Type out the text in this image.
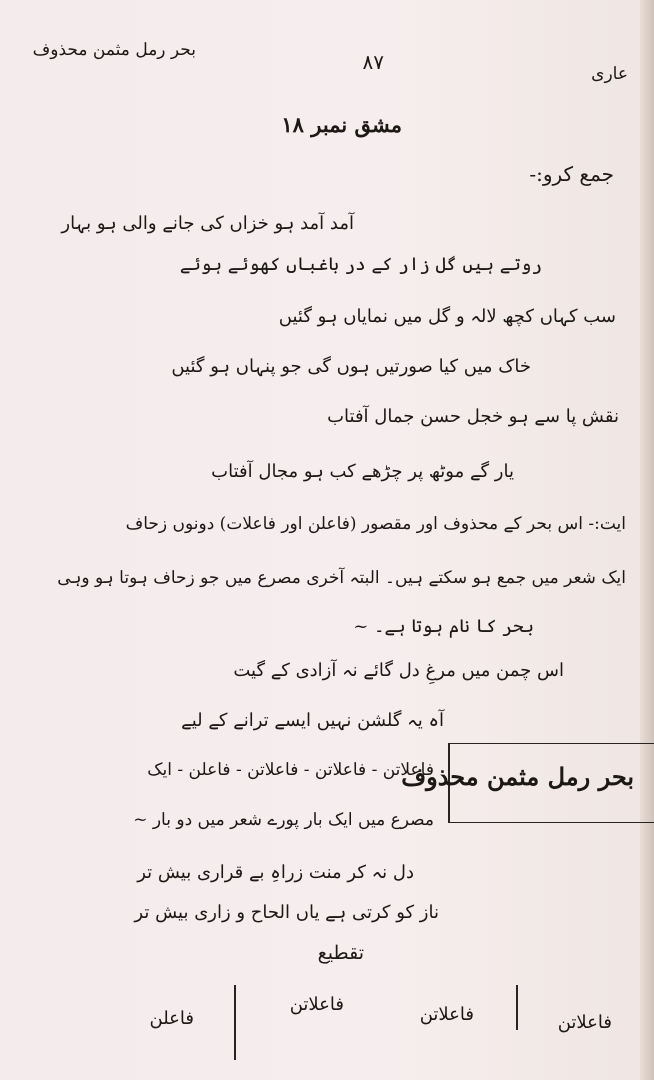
بحر رمل مثمن محذوف	٨٧	عاری
مشق نمبر ١٨
جمع کرو:-
آمد آمد ہو خزاں کی جانے والی ہو بہار
روتے ہیں گل زار کے در باغباں کھوئے ہوئے
سب کہاں کچھ لالہ و گل میں نمایاں ہو گئیں
خاک میں کیا صورتیں ہوں گی جو پنہاں ہو گئیں
نقش پا سے ہو خجل حسن جمال آفتاب
یار گے موٹھ پر چڑھے کب ہو مجال آفتاب
ایت:- اس بحر کے محذوف اور مقصور (فاعلن اور فاعلات) دونوں زحاف
ایک شعر میں جمع ہو سکتے ہیں۔ البتہ آخری مصرع میں جو زحاف ہوتا ہو وہی
بحر کا نام ہوتا ہے۔ ~
اس چمن میں مرغِ دل گائے نہ آزادی کے گیت
آہ یہ گلشن نہیں ایسے ترانے کے لیے
بحر رمل مثمن محذوف
فاعلاتن - فاعلاتن - فاعلاتن - فاعلن - ایک
مصرع میں ایک بار پورے شعر میں دو بار ~
دل نہ کر منت زراہِ بے قراری بیش تر
ناز کو کرتی ہے یاں الحاح و زاری بیش تر
تقطیع
فاعلاتن
فاعلاتن
فاعلاتن
فاعلن
